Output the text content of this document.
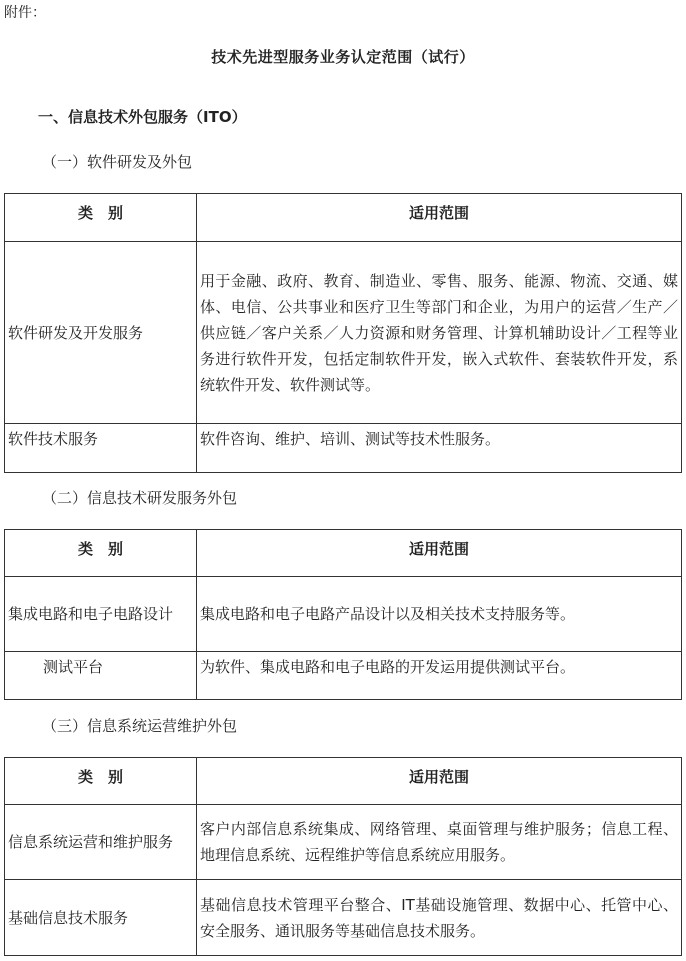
附件：
技术先进型服务业务认定范围（试行）
一、信息技术外包服务（ITO）
（一）软件研发及外包
类　别	适用范围
软件研发及开发服务	用于金融、政府、教育、制造业、零售、服务、能源、物流、交通、媒体、电信、公共事业和医疗卫生等部门和企业，为用户的运营／生产／供应链／客户关系／人力资源和财务管理、计算机辅助设计／工程等业务进行软件开发，包括定制软件开发，嵌入式软件、套装软件开发，系统软件开发、软件测试等。
软件技术服务	软件咨询、维护、培训、测试等技术性服务。
（二）信息技术研发服务外包
类　别	适用范围
集成电路和电子电路设计	集成电路和电子电路产品设计以及相关技术支持服务等。
测试平台	为软件、集成电路和电子电路的开发运用提供测试平台。
（三）信息系统运营维护外包
类　别	适用范围
信息系统运营和维护服务	客户内部信息系统集成、网络管理、桌面管理与维护服务；信息工程、地理信息系统、远程维护等信息系统应用服务。
基础信息技术服务	基础信息技术管理平台整合、IT基础设施管理、数据中心、托管中心、安全服务、通讯服务等基础信息技术服务。
